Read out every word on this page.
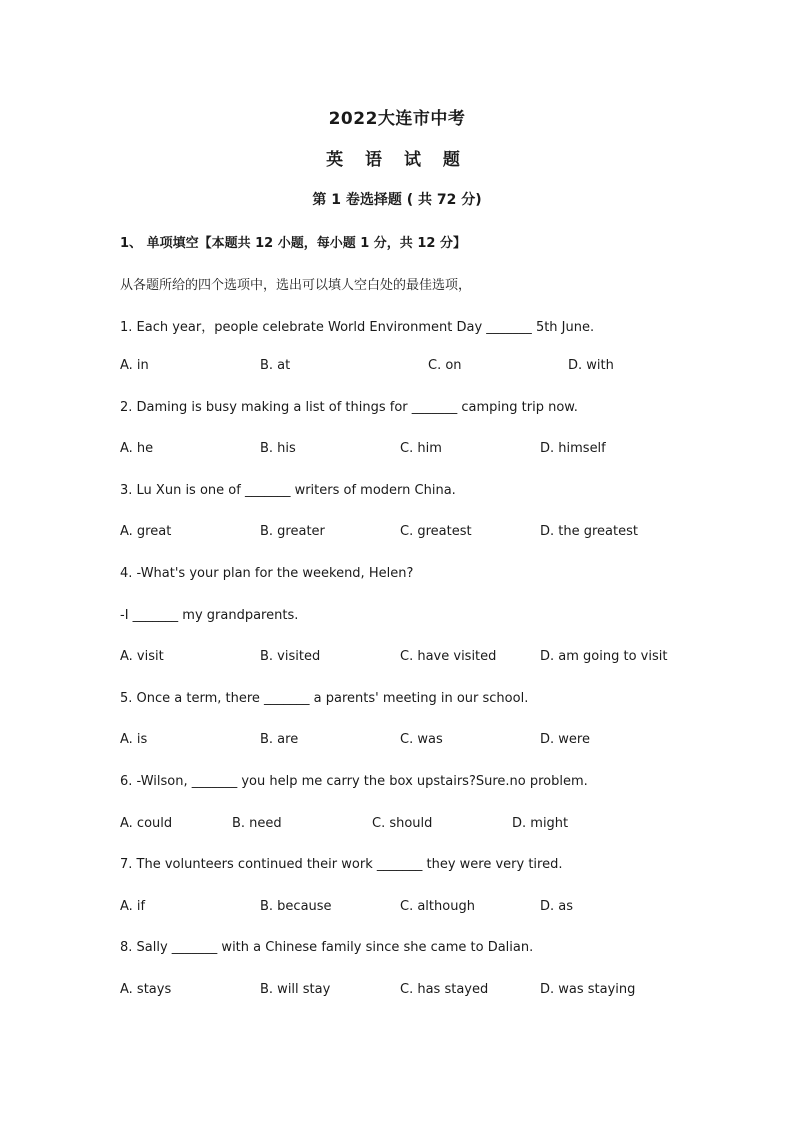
2022大连市中考
英 语 试 题
第 1 卷选择题 ( 共 72 分)
1、 单项填空【本题共 12 小题，每小题 1 分，共 12 分】
从各题所给的四个选项中，选出可以填人空白处的最佳选项，
1. Each year，people celebrate World Environment Day _______ 5th June.
A. in	B. at	C. on	D. with
2. Daming is busy making a list of things for _______ camping trip now.
A. he	B. his	C. him	D. himself
3. Lu Xun is one of _______ writers of modern China.
A. great	B. greater	C. greatest	D. the greatest
4. -What's your plan for the weekend, Helen?
-I _______ my grandparents.
A. visit	B. visited	C. have visited	D. am going to visit
5. Once a term, there _______ a parents' meeting in our school.
A. is	B. are	C. was	D. were
6. -Wilson, _______ you help me carry the box upstairs?Sure.no problem.
A. could	B. need	C. should	D. might
7. The volunteers continued their work _______ they were very tired.
A. if	B. because	C. although	D. as
8. Sally _______ with a Chinese family since she came to Dalian.
A. stays	B. will stay	C. has stayed	D. was staying
